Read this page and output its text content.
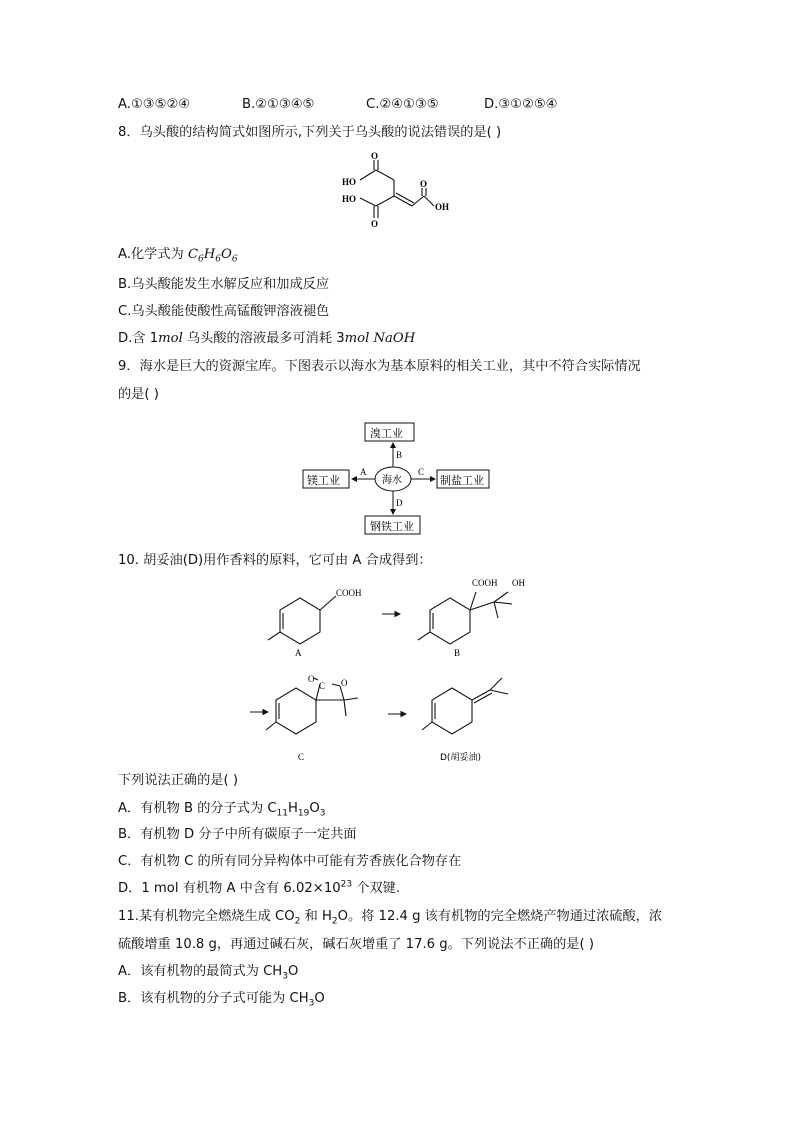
A.①③⑤②④	B.②①③④⑤	C.②④①③⑤	D.③①②⑤④
8．乌头酸的结构简式如图所示,下列关于乌头酸的说法错误的是( )
O
HO
HO
O
O
OH
A.化学式为 $C_6H_6O_6$
B.乌头酸能发生水解反应和加成反应
C.乌头酸能使酸性高锰酸钾溶液褪色
D.含 1mol 乌头酸的溶液最多可消耗 3mol NaOH
9．海水是巨大的资源宝库。下图表示以海水为基本原料的相关工业，其中不符合实际情况
的是( )
溴工业
镁工业	制盐工业
钢铁工业
海水
A
B
C
D
10. 胡妥油(D)用作香料的原料，它可由 A 合成得到：
COOH
COOH OH
O
C O
A	B
C	D(胡妥油)
下列说法正确的是( )
A．有机物 B 的分子式为 $C_{11}H_{19}O_3$
B．有机物 D 分子中所有碳原子一定共面
C．有机物 C 的所有同分异构体中可能有芳香族化合物存在
D．1 mol 有机物 A 中含有 $6.02\times 10^{23}$ 个双键.
11.某有机物完全燃烧生成 $CO_2$ 和 $H_2O$。将 12.4 g 该有机物的完全燃烧产物通过浓硫酸，浓
硫酸增重 10.8 g，再通过碱石灰，碱石灰增重了 17.6 g。下列说法不正确的是( )
A．该有机物的最简式为 $CH_3O$
B．该有机物的分子式可能为 $CH_3O$
